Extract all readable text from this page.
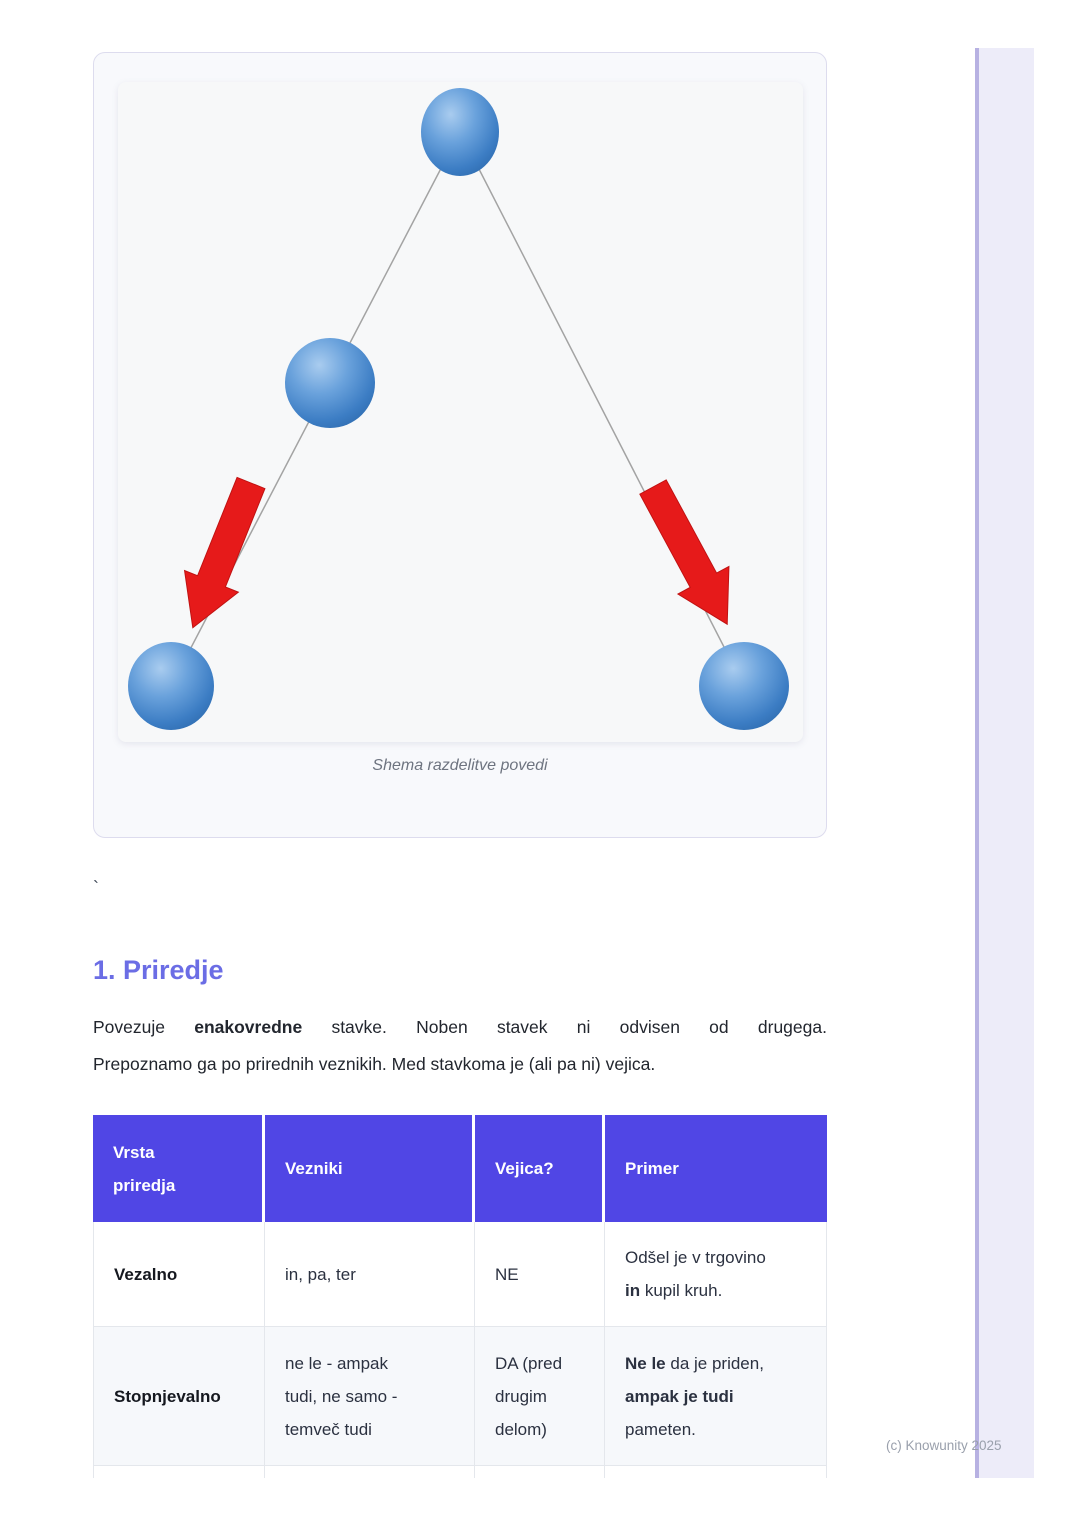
(c) Knowunity 2025
Shema razdelitve povedi
`
1. Priredje
Povezuje enakovredne stavke. Noben stavek ni odvisen od drugega.
Prepoznamo ga po prirednih veznikih. Med stavkoma je (ali pa ni) vejica.
Vrsta priredja	Vezniki	Vejica?	Primer
Vezalno	in, pa, ter	NE	Odšel je v trgovino
in kupil kruh.
Stopnjevalno	ne le - ampak
tudi, ne samo -
temveč tudi	DA (pred
drugim
delom)	Ne le da je priden,
ampak je tudi
pameten.
